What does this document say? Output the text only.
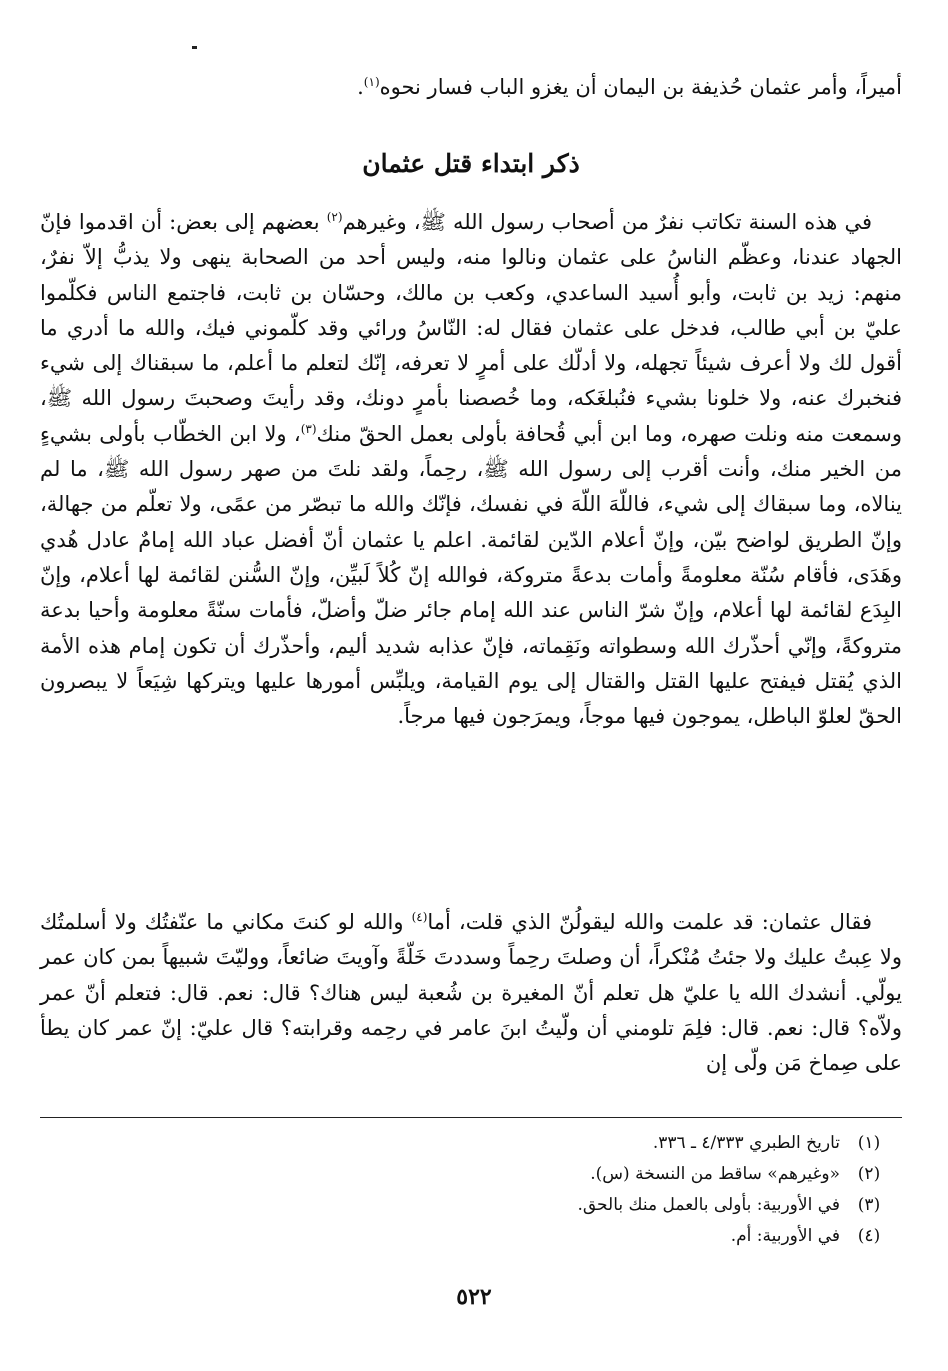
أميراً، وأمر عثمان حُذيفة بن اليمان أن يغزو الباب فسار نحوه$^{(١)}$.
ذكر ابتداء قتل عثمان
في هذه السنة تكاتب نفرٌ من أصحاب رسول الله ﷺ، وغيرهم$^{(٢)}$ بعضهم إلى بعض: أن اقدموا فإنّ الجهاد عندنا، وعظّم الناسُ على عثمان ونالوا منه، وليس أحد من الصحابة ينهى ولا يذبُّ إلاّ نفرٌ، منهم: زيد بن ثابت، وأبو أُسيد الساعدي، وكعب بن مالك، وحسّان بن ثابت، فاجتمع الناس فكلّموا عليّ بن أبي طالب، فدخل على عثمان فقال له: النّاسُ ورائي وقد كلّموني فيك، والله ما أدري ما أقول لك ولا أعرف شيئاً تجهله، ولا أدلّك على أمرٍ لا تعرفه، إنّك لتعلم ما أعلم، ما سبقناك إلى شيء فنخبرك عنه، ولا خلونا بشيء فنُبلغَكه، وما خُصصنا بأمرٍ دونك، وقد رأيتَ وصحبتَ رسول الله ﷺ، وسمعت منه ونلت صهره، وما ابن أبي قُحافة بأولى بعمل الحقّ منك$^{(٣)}$، ولا ابن الخطّاب بأولى بشيءٍ من الخير منك، وأنت أقرب إلى رسول الله ﷺ، رحِماً، ولقد نلتَ من صهر رسول الله ﷺ، ما لم ينالاه، وما سبقاك إلى شيء، فاللّهَ اللّهَ في نفسك، فإنّك والله ما تبصّر من عمًى، ولا تعلّم من جهالة، وإنّ الطريق لواضح بيّن، وإنّ أعلام الدّين لقائمة. اعلم يا عثمان أنّ أفضل عباد الله إمامٌ عادل هُدي وهَدَى، فأقام سُنّة معلومةً وأمات بدعةً متروكة، فوالله إنّ كُلاً لَبيِّن، وإنّ السُّنن لقائمة لها أعلام، وإنّ البِدَع لقائمة لها أعلام، وإنّ شرّ الناس عند الله إمام جائر ضلّ وأضلّ، فأمات سنّةً معلومة وأحيا بدعة متروكةً، وإنّي أحذّرك الله وسطواته ونَقِماته، فإنّ عذابه شديد أليم، وأحذّرك أن تكون إمام هذه الأمة الذي يُقتل فيفتح عليها القتل والقتال إلى يوم القيامة، ويلبِّس أمورها عليها ويتركها شِيَعاً لا يبصرون الحقّ لعلوّ الباطل، يموجون فيها موجاً، ويمرَجون فيها مرجاً.
فقال عثمان: قد علمت والله ليقولُنّ الذي قلت، أما$^{(٤)}$ والله لو كنتَ مكاني ما عنّفتُك ولا أسلمتُك ولا عِبتُ عليك ولا جئتُ مُنْكراً، أن وصلتَ رحِماً وسددتَ خَلّةً وآويتَ ضائعاً، ووليّتَ شبيهاً بمن كان عمر يولّي. أنشدك الله يا عليّ هل تعلم أنّ المغيرة بن شُعبة ليس هناك؟ قال: نعم. قال: فتعلم أنّ عمر ولاّه؟ قال: نعم. قال: فلِمَ تلومني أن ولّيتُ ابنَ عامر في رحِمه وقرابته؟ قال عليّ: إنّ عمر كان يطأ على صِماخ مَن ولّى إن
(١)
تاريخ الطبري ٤/٣٣٣ ـ ٣٣٦.
(٢)
«وغيرهم» ساقط من النسخة (س).
(٣)
في الأوربية: بأولى بالعمل منك بالحق.
(٤)
في الأوربية: أم.
٥٢٢
